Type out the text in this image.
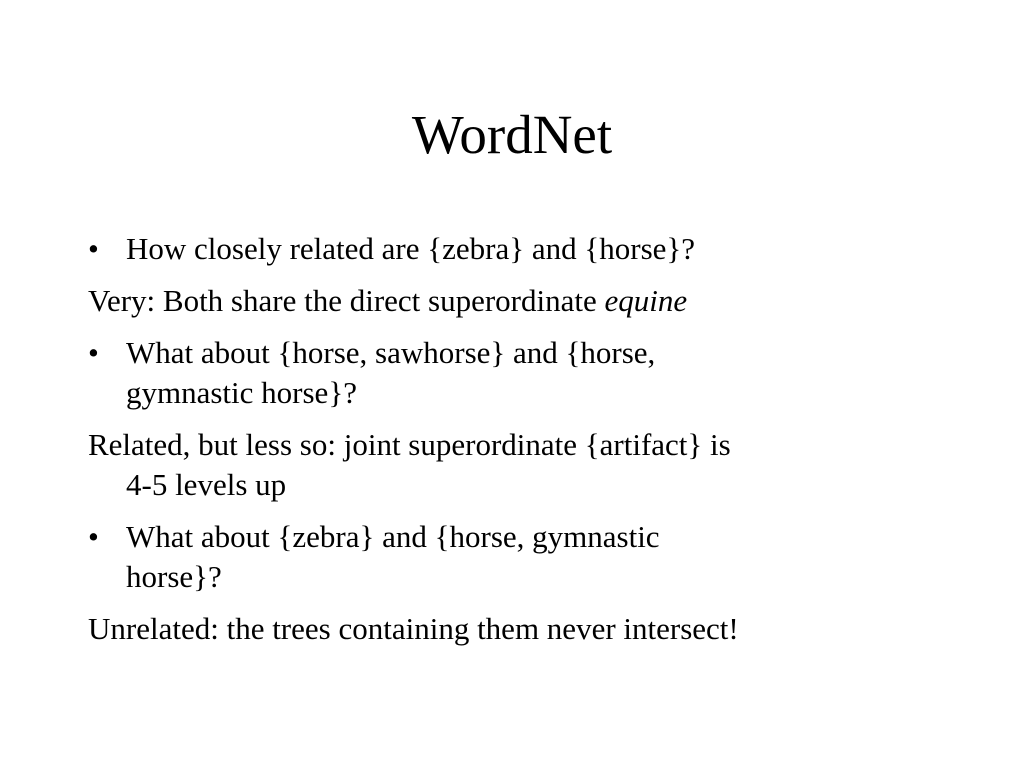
WordNet
• How closely related are {zebra} and {horse}?
Very: Both share the direct superordinate equine
• What about {horse, sawhorse} and {horse,
gymnastic horse}?
Related, but less so: joint superordinate {artifact} is
4-5 levels up
• What about {zebra} and {horse, gymnastic
horse}?
Unrelated: the trees containing them never intersect!
